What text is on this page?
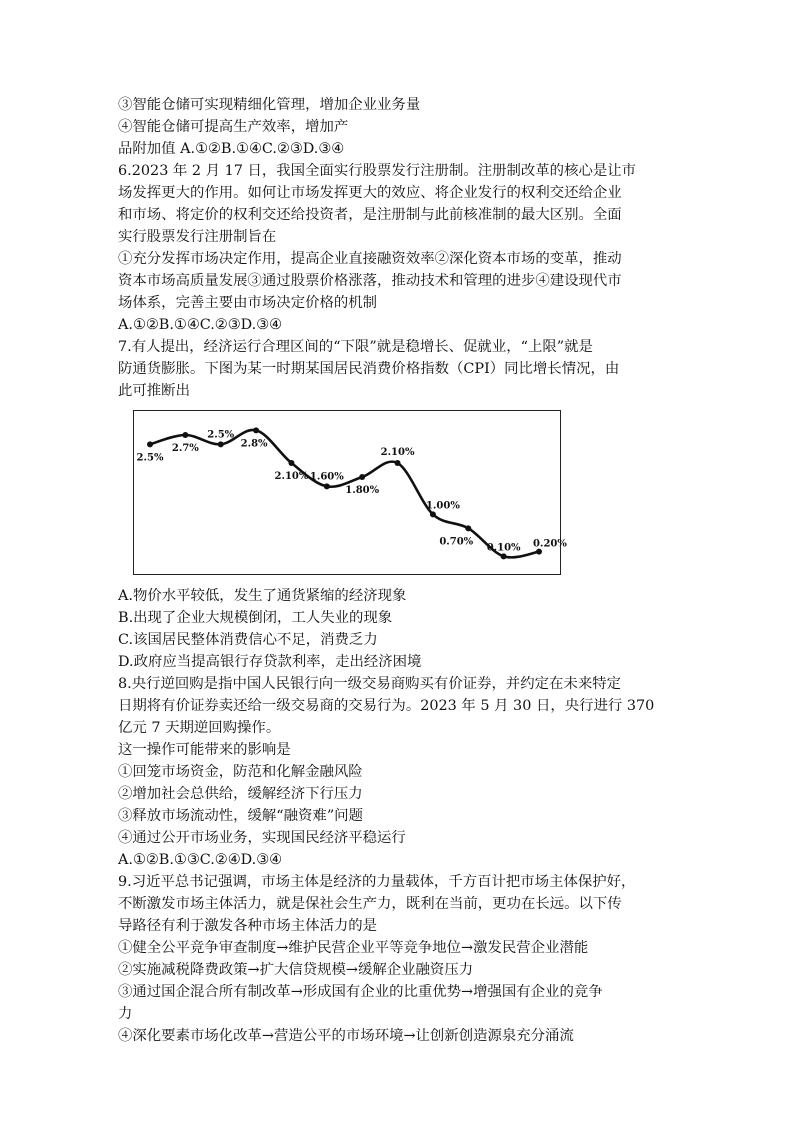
③智能仓储可实现精细化管理，增加企业业务量
④智能仓储可提高生产效率，增加产
品附加值 A.①②B.①④C.②③D.③④
6.2023 年 2 月 17 日，我国全面实行股票发行注册制。注册制改革的核心是让市
场发挥更大的作用。如何让市场发挥更大的效应、将企业发行的权利交还给企业
和市场、将定价的权利交还给投资者，是注册制与此前核准制的最大区别。全面
实行股票发行注册制旨在
①充分发挥市场决定作用，提高企业直接融资效率②深化资本市场的变革，推动
资本市场高质量发展③通过股票价格涨落，推动技术和管理的进步④建设现代市
场体系，完善主要由市场决定价格的机制
A.①②B.①④C.②③D.③④
7.有人提出，经济运行合理区间的“下限”就是稳增长、促就业，“上限”就是
防通货膨胀。下图为某一时期某国居民消费价格指数（CPI）同比增长情况，由
此可推断出
2.5%
2.7%
2.5%
2.8%
2.10% 1.60%
1.80%
2.10%
1.00%
0.70%
0.10% 0.20%
A.物价水平较低，发生了通货紧缩的经济现象
B.出现了企业大规模倒闭，工人失业的现象
C.该国居民整体消费信心不足，消费乏力
D.政府应当提高银行存贷款利率，走出经济困境
8.央行逆回购是指中国人民银行向一级交易商购买有价证券，并约定在未来特定
日期将有价证券卖还给一级交易商的交易行为。2023 年 5 月 30 日，央行进行 370
亿元 7 天期逆回购操作。
这一操作可能带来的影响是
①回笼市场资金，防范和化解金融风险
②增加社会总供给，缓解经济下行压力
③释放市场流动性，缓解“融资难”问题
④通过公开市场业务，实现国民经济平稳运行
A.①②B.①③C.②④D.③④
9.习近平总书记强调，市场主体是经济的力量载体，千方百计把市场主体保护好，
不断激发市场主体活力，就是保社会生产力，既利在当前，更功在长远。以下传
导路径有利于激发各种市场主体活力的是
①健全公平竞争审查制度→维护民营企业平等竞争地位→激发民营企业潜能
②实施减税降费政策→扩大信贷规模→缓解企业融资压力
③通过国企混合所有制改革→形成国有企业的比重优势→增强国有企业的竞争
力
④深化要素市场化改革→营造公平的市场环境→让创新创造源泉充分涌流
